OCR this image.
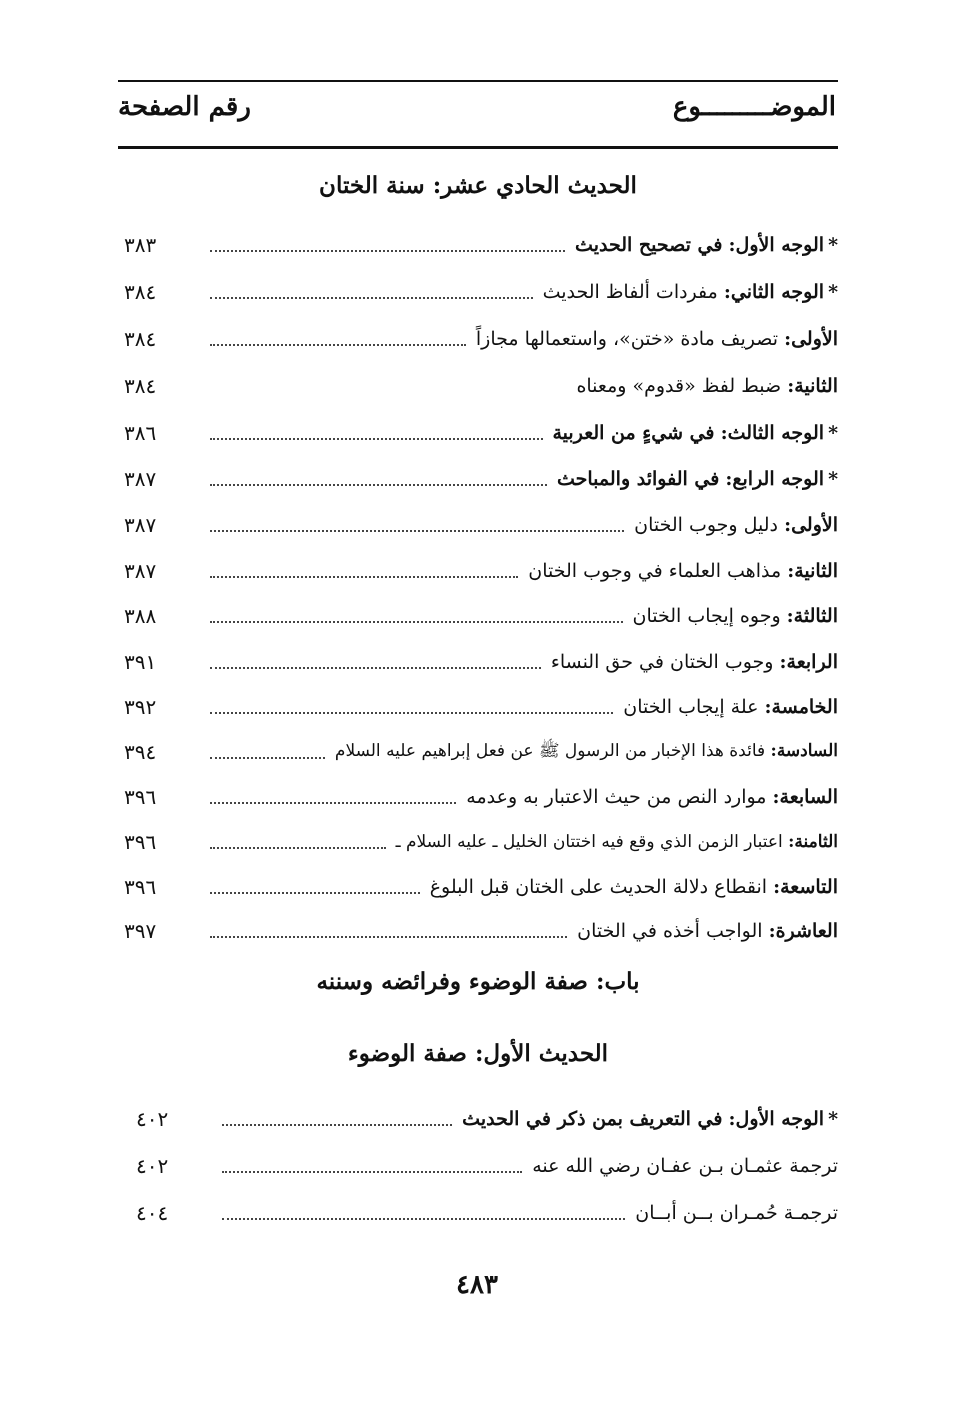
الموضـــــــــوع
رقم الصفحة
الحديث الحادي عشر: سنة الختان
*الوجه الأول: في تصحيح الحديث
٣٨٣
*الوجه الثاني: مفردات ألفاظ الحديث
٣٨٤
الأولى: تصريف مادة «ختن»، واستعمالها مجازاً
٣٨٤
الثانية: ضبط لفظ «قدوم» ومعناه
٣٨٤
*الوجه الثالث: في شيءٍ من العربية
٣٨٦
*الوجه الرابع: في الفوائد والمباحث
٣٨٧
الأولى: دليل وجوب الختان
٣٨٧
الثانية: مذاهب العلماء في وجوب الختان
٣٨٧
الثالثة: وجوه إيجاب الختان
٣٨٨
الرابعة: وجوب الختان في حق النساء
٣٩١
الخامسة: علة إيجاب الختان
٣٩٢
السادسة: فائدة هذا الإخبار من الرسول ﷺ عن فعل إبراهيم عليه السلام
٣٩٤
السابعة: موارد النص من حيث الاعتبار به وعدمه
٣٩٦
الثامنة: اعتبار الزمن الذي وقع فيه اختتان الخليل ـ عليه السلام ـ
٣٩٦
التاسعة: انقطاع دلالة الحديث على الختان قبل البلوغ
٣٩٦
العاشرة: الواجب أخذه في الختان
٣٩٧
باب: صفة الوضوء وفرائضه وسننه
الحديث الأول: صفة الوضوء
*الوجه الأول: في التعريف بمن ذكر في الحديث
٤٠٢
ترجمة عثمـان بـن عفـان رضي الله عنه
٤٠٢
ترجمـة حُمـران بــن أبــان
٤٠٤
٤٨٣
